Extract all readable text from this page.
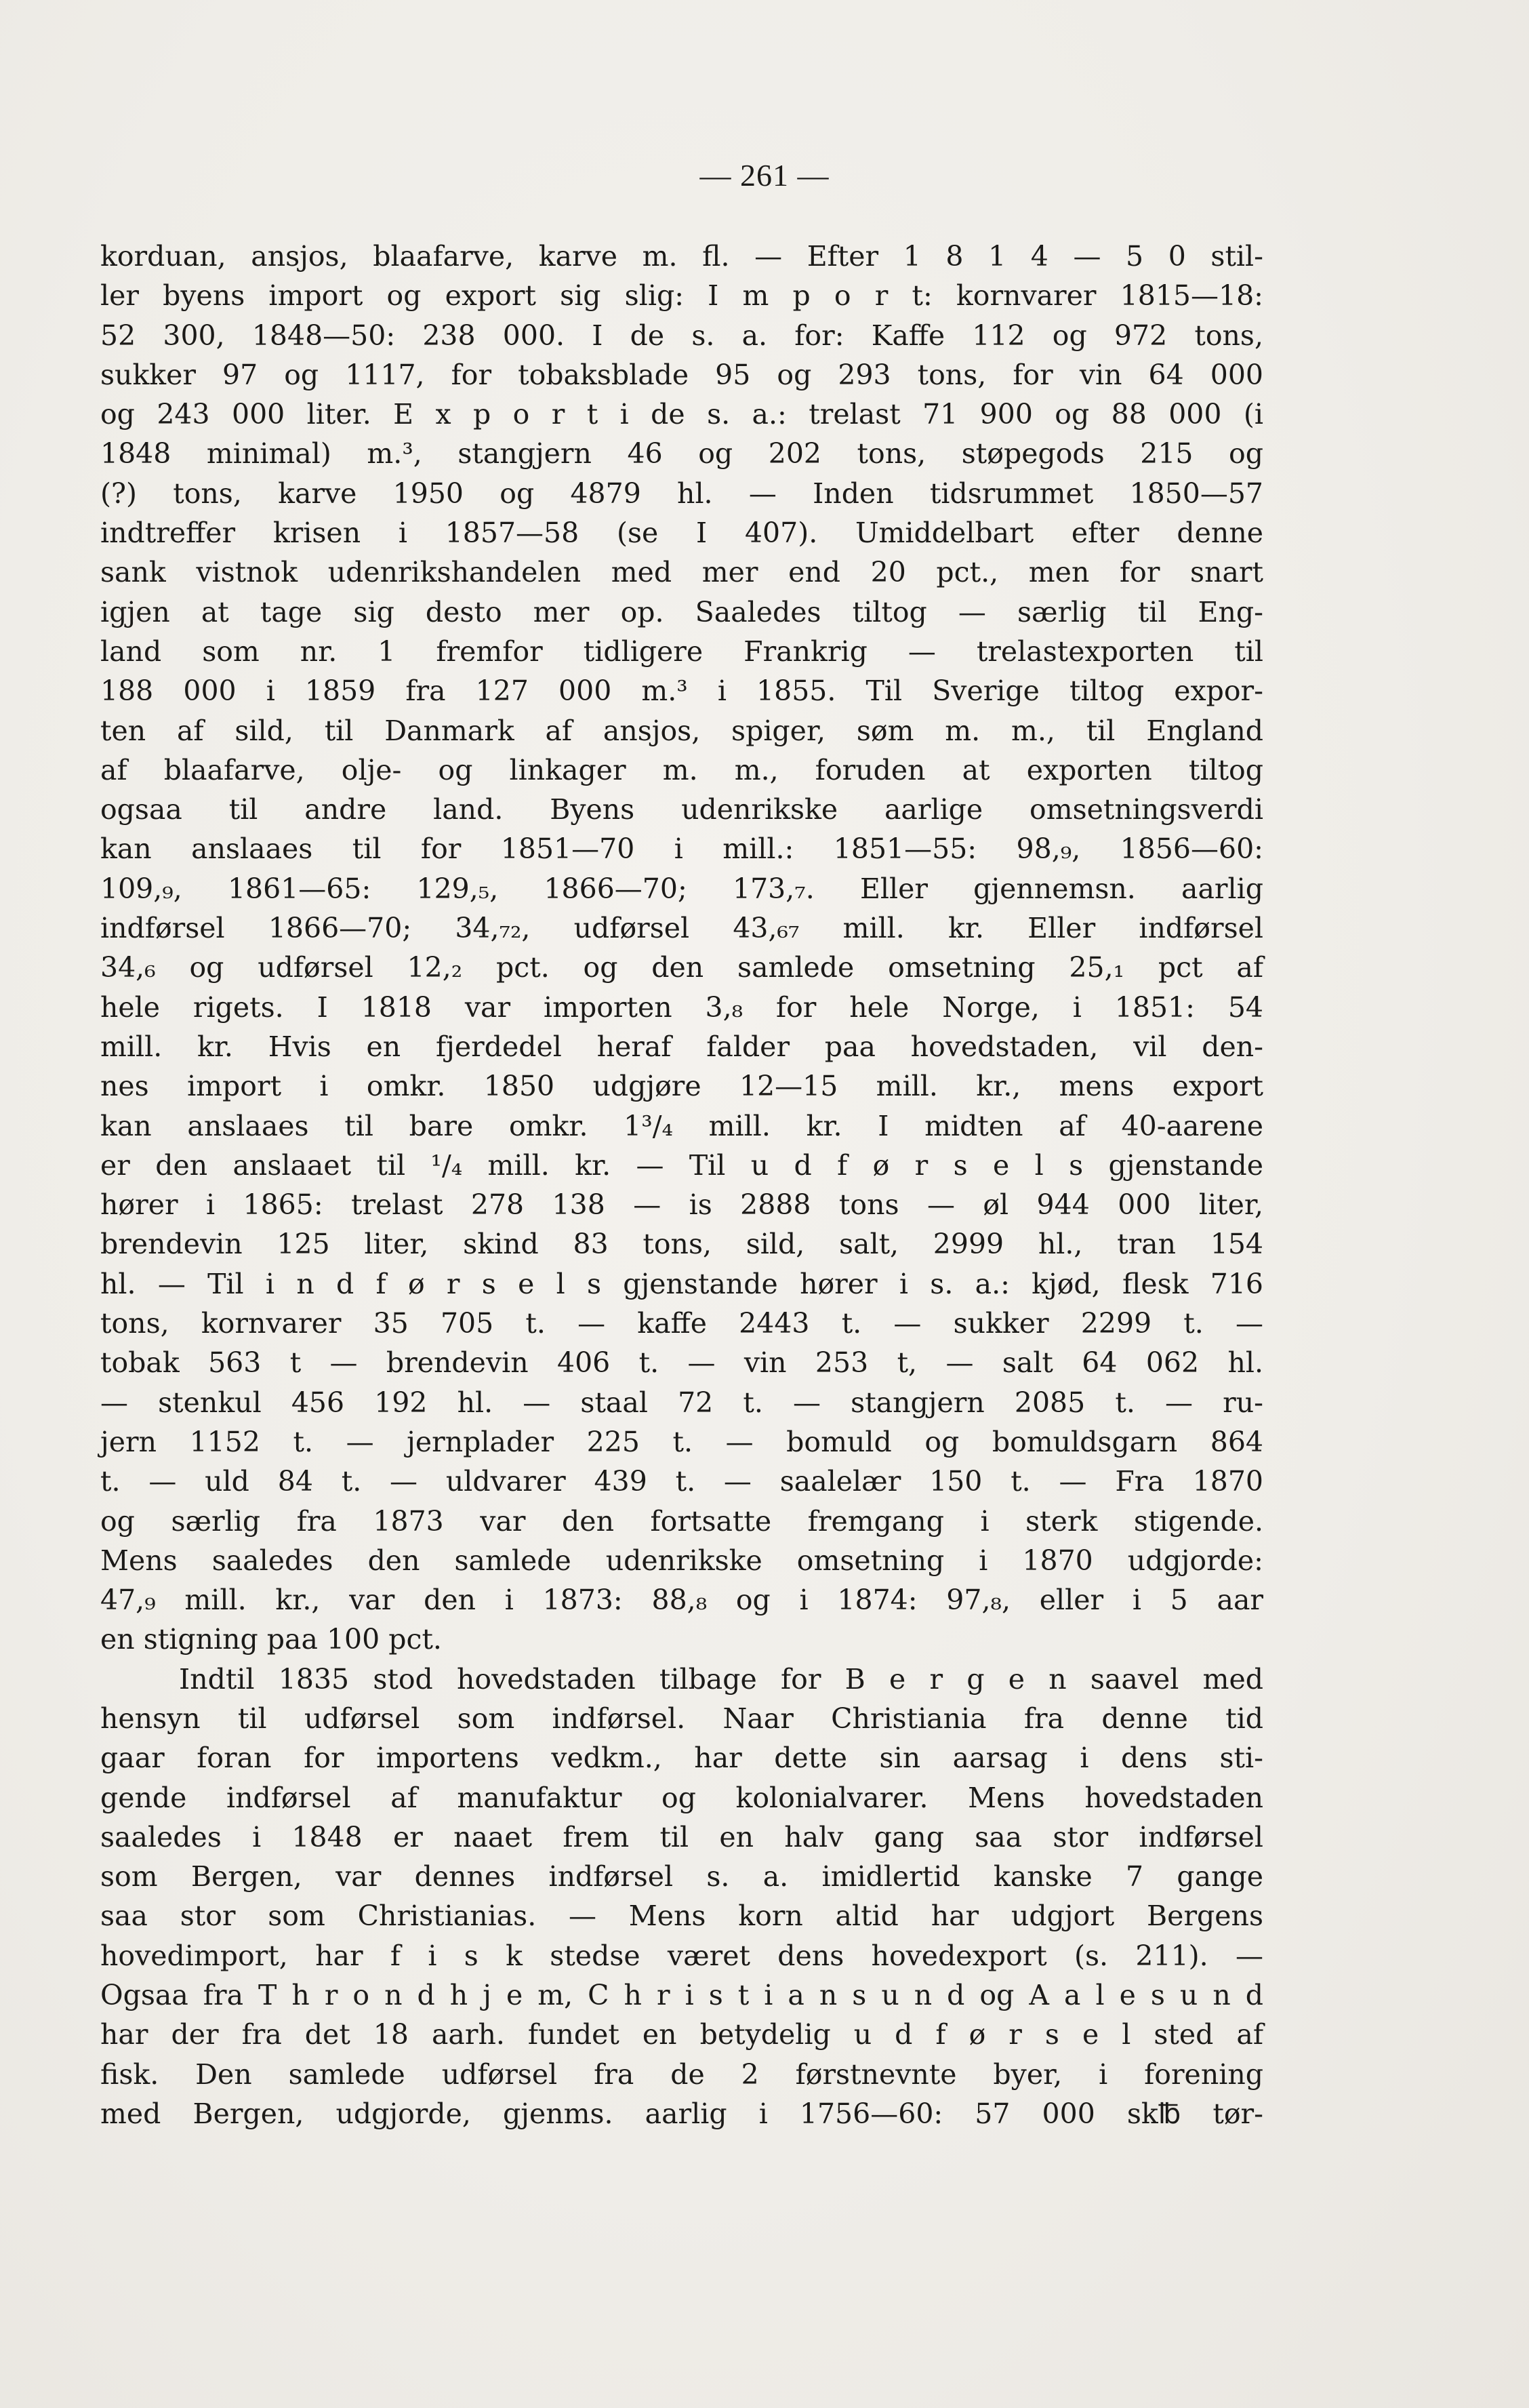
— 261 —
korduan, ansjos, blaafarve, karve m. fl. — Efter 1 8 1 4 — 5 0 stil-
ler byens import og export sig slig: I m p o r t: kornvarer 1815—18:
52 300, 1848—50: 238 000. I de s. a. for: Kaffe 112 og 972 tons,
sukker 97 og 1117, for tobaksblade 95 og 293 tons, for vin 64 000
og 243 000 liter. E x p o r t i de s. a.: trelast 71 900 og 88 000 (i
1848 minimal) m.³, stangjern 46 og 202 tons, støpegods 215 og
(?) tons, karve 1950 og 4879 hl. — Inden tidsrummet 1850—57
indtreffer krisen i 1857—58 (se I 407). Umiddelbart efter denne
sank vistnok udenrikshandelen med mer end 20 pct., men for snart
igjen at tage sig desto mer op. Saaledes tiltog — særlig til Eng-
land som nr. 1 fremfor tidligere Frankrig — trelastexporten til
188 000 i 1859 fra 127 000 m.³ i 1855. Til Sverige tiltog expor-
ten af sild, til Danmark af ansjos, spiger, søm m. m., til England
af blaafarve, olje- og linkager m. m., foruden at exporten tiltog
ogsaa til andre land. Byens udenrikske aarlige omsetningsverdi
kan anslaaes til for 1851—70 i mill.: 1851—55: 98,₉, 1856—60:
109,₉, 1861—65: 129,₅, 1866—70; 173,₇. Eller gjennemsn. aarlig
indførsel 1866—70; 34,₇₂, udførsel 43,₆₇ mill. kr. Eller indførsel
34,₆ og udførsel 12,₂ pct. og den samlede omsetning 25,₁ pct af
hele rigets. I 1818 var importen 3,₈ for hele Norge, i 1851: 54
mill. kr. Hvis en fjerdedel heraf falder paa hovedstaden, vil den-
nes import i omkr. 1850 udgjøre 12—15 mill. kr., mens export
kan anslaaes til bare omkr. 1³/₄ mill. kr. I midten af 40-aarene
er den anslaaet til ¹/₄ mill. kr. — Til u d f ø r s e l s gjenstande
hører i 1865: trelast 278 138 — is 2888 tons — øl 944 000 liter,
brendevin 125 liter, skind 83 tons, sild, salt, 2999 hl., tran 154
hl. — Til i n d f ø r s e l s gjenstande hører i s. a.: kjød, flesk 716
tons, kornvarer 35 705 t. — kaffe 2443 t. — sukker 2299 t. —
tobak 563 t — brendevin 406 t. — vin 253 t, — salt 64 062 hl.
— stenkul 456 192 hl. — staal 72 t. — stangjern 2085 t. — ru-
jern 1152 t. — jernplader 225 t. — bomuld og bomuldsgarn 864
t. — uld 84 t. — uldvarer 439 t. — saalelær 150 t. — Fra 1870
og særlig fra 1873 var den fortsatte fremgang i sterk stigende.
Mens saaledes den samlede udenrikske omsetning i 1870 udgjorde:
47,₉ mill. kr., var den i 1873: 88,₈ og i 1874: 97,₈, eller i 5 aar
en stigning paa 100 pct.
Indtil 1835 stod hovedstaden tilbage for B e r g e n saavel med
hensyn til udførsel som indførsel. Naar Christiania fra denne tid
gaar foran for importens vedkm., har dette sin aarsag i dens sti-
gende indførsel af manufaktur og kolonialvarer. Mens hovedstaden
saaledes i 1848 er naaet frem til en halv gang saa stor indførsel
som Bergen, var dennes indførsel s. a. imidlertid kanske 7 gange
saa stor som Christianias. — Mens korn altid har udgjort Bergens
hovedimport, har f i s k stedse været dens hovedexport (s. 211). —
Ogsaa fra T h r o n d h j e m, C h r i s t i a n s u n d og A a l e s u n d
har der fra det 18 aarh. fundet en betydelig u d f ø r s e l sted af
fisk. Den samlede udførsel fra de 2 førstnevnte byer, i forening
med Bergen, udgjorde, gjenms. aarlig i 1756—60: 57 000 sk℔ tør-
